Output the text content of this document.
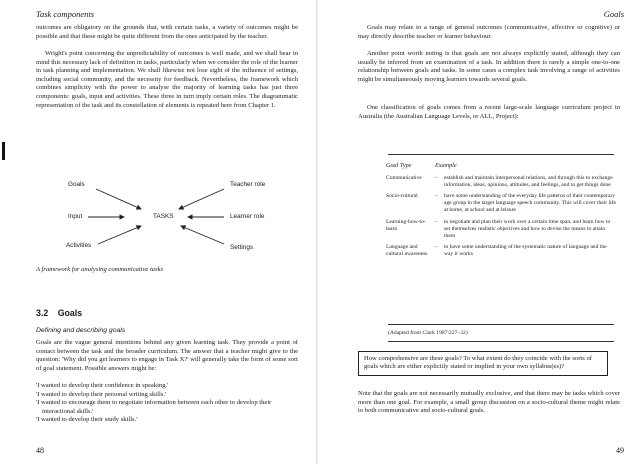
Task components

outcomes are obligatory on the grounds that, with certain tasks, a variety of outcomes might be possible and that these might be quite different from the ones anticipated by the teacher.

Wright's point concerning the unpredictability of outcomes is well made, and we shall bear in mind this necessary lack of definition in tasks, particularly when we consider the role of the learner in task planning and implementation. We shall likewise not lose sight of the influence of settings, including social community, and the necessity for feedback. Nevertheless, the framework which combines simplicity with the power to analyse the majority of learning tasks has just three components: goals, input and activities. These three in turn imply certain roles. The diagrammatic representation of the task and its constellation of elements is repeated here from Chapter 1.

Goals	Teacher role
Input	TASKS	Learner role
Activities	Settings
A framework for analysing communicative tasks
3.2 Goals
Defining and describing goals

Goals are the vague general intentions behind any given learning task. They provide a point of contact between the task and the broader curriculum. The answer that a teacher might give to the question: 'Why did you get learners to engage in Task X?' will generally take the form of some sort of goal statement. Possible answers might be:

'I wanted to develop their confidence in speaking.'
'I wanted to develop their personal writing skills.'
'I wanted to encourage them to negotiate information between each other to develop their interactional skills.'
'I wanted to develop their study skills.'
48
Goals

Goals may relate to a range of general outcomes (communicative, affective or cognitive) or may directly describe teacher or learner behaviour.

Another point worth noting is that goals are not always explicitly stated, although they can usually be inferred from an examination of a task. In addition there is rarely a simple one-to-one relationship between goals and tasks. In some cases a complex task involving a range of activities might be simultaneously moving learners towards several goals.

One classification of goals comes from a recent large-scale language curriculum project in Australia (the Australian Language Levels, or ALL, Project):

Goal Type	Example	
Communicative	–	establish and maintain interpersonal relations, and through this to exchange information, ideas, opinions, attitudes, and feelings, and to get things done
Socio-cultural	–	have some understanding of the everyday life patterns of their contemporary age group in the target language speech community. This will cover their life at home, at school and at leisure
Learning-how-to-learn	–	to negotiate and plan their work over a certain time span, and learn how to set themselves realistic objectives and how to devise the means to attain them
Language and cultural awareness	–	to have some understanding of the systematic nature of language and the way it works
(Adapted from Clark 1987:227–32)
How comprehensive are these goals? To what extent do they coincide with the sorts of goals which are either explicitly stated or implied in your own syllabus(es)?

Note that the goals are not necessarily mutually exclusive, and that there may be tasks which cover more than one goal. For example, a small group discussion on a socio-cultural theme might relate to both communicative and socio-cultural goals.

49
